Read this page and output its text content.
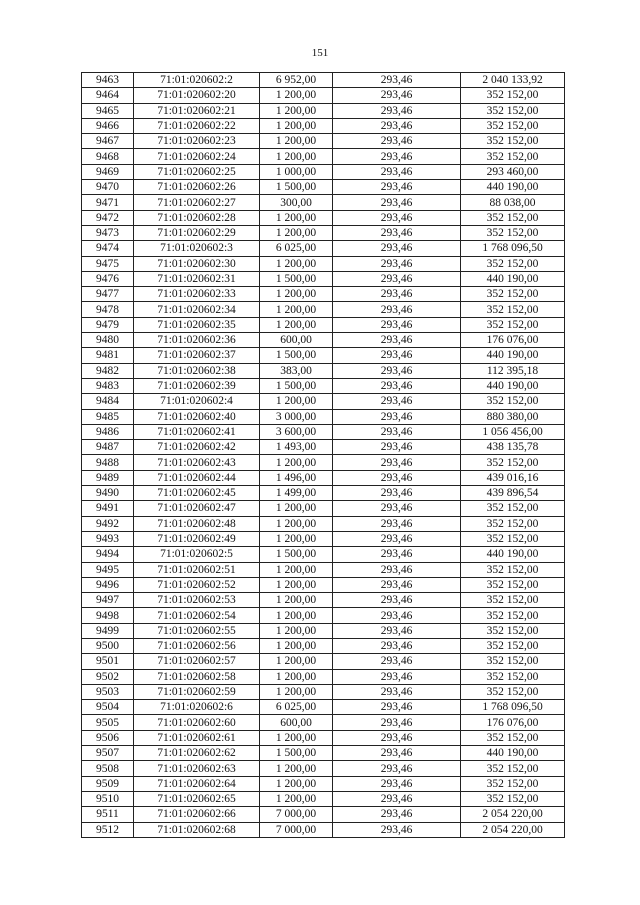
151
9463	71:01:020602:2	6 952,00	293,46	2 040 133,92
9464	71:01:020602:20	1 200,00	293,46	352 152,00
9465	71:01:020602:21	1 200,00	293,46	352 152,00
9466	71:01:020602:22	1 200,00	293,46	352 152,00
9467	71:01:020602:23	1 200,00	293,46	352 152,00
9468	71:01:020602:24	1 200,00	293,46	352 152,00
9469	71:01:020602:25	1 000,00	293,46	293 460,00
9470	71:01:020602:26	1 500,00	293,46	440 190,00
9471	71:01:020602:27	300,00	293,46	88 038,00
9472	71:01:020602:28	1 200,00	293,46	352 152,00
9473	71:01:020602:29	1 200,00	293,46	352 152,00
9474	71:01:020602:3	6 025,00	293,46	1 768 096,50
9475	71:01:020602:30	1 200,00	293,46	352 152,00
9476	71:01:020602:31	1 500,00	293,46	440 190,00
9477	71:01:020602:33	1 200,00	293,46	352 152,00
9478	71:01:020602:34	1 200,00	293,46	352 152,00
9479	71:01:020602:35	1 200,00	293,46	352 152,00
9480	71:01:020602:36	600,00	293,46	176 076,00
9481	71:01:020602:37	1 500,00	293,46	440 190,00
9482	71:01:020602:38	383,00	293,46	112 395,18
9483	71:01:020602:39	1 500,00	293,46	440 190,00
9484	71:01:020602:4	1 200,00	293,46	352 152,00
9485	71:01:020602:40	3 000,00	293,46	880 380,00
9486	71:01:020602:41	3 600,00	293,46	1 056 456,00
9487	71:01:020602:42	1 493,00	293,46	438 135,78
9488	71:01:020602:43	1 200,00	293,46	352 152,00
9489	71:01:020602:44	1 496,00	293,46	439 016,16
9490	71:01:020602:45	1 499,00	293,46	439 896,54
9491	71:01:020602:47	1 200,00	293,46	352 152,00
9492	71:01:020602:48	1 200,00	293,46	352 152,00
9493	71:01:020602:49	1 200,00	293,46	352 152,00
9494	71:01:020602:5	1 500,00	293,46	440 190,00
9495	71:01:020602:51	1 200,00	293,46	352 152,00
9496	71:01:020602:52	1 200,00	293,46	352 152,00
9497	71:01:020602:53	1 200,00	293,46	352 152,00
9498	71:01:020602:54	1 200,00	293,46	352 152,00
9499	71:01:020602:55	1 200,00	293,46	352 152,00
9500	71:01:020602:56	1 200,00	293,46	352 152,00
9501	71:01:020602:57	1 200,00	293,46	352 152,00
9502	71:01:020602:58	1 200,00	293,46	352 152,00
9503	71:01:020602:59	1 200,00	293,46	352 152,00
9504	71:01:020602:6	6 025,00	293,46	1 768 096,50
9505	71:01:020602:60	600,00	293,46	176 076,00
9506	71:01:020602:61	1 200,00	293,46	352 152,00
9507	71:01:020602:62	1 500,00	293,46	440 190,00
9508	71:01:020602:63	1 200,00	293,46	352 152,00
9509	71:01:020602:64	1 200,00	293,46	352 152,00
9510	71:01:020602:65	1 200,00	293,46	352 152,00
9511	71:01:020602:66	7 000,00	293,46	2 054 220,00
9512	71:01:020602:68	7 000,00	293,46	2 054 220,00
